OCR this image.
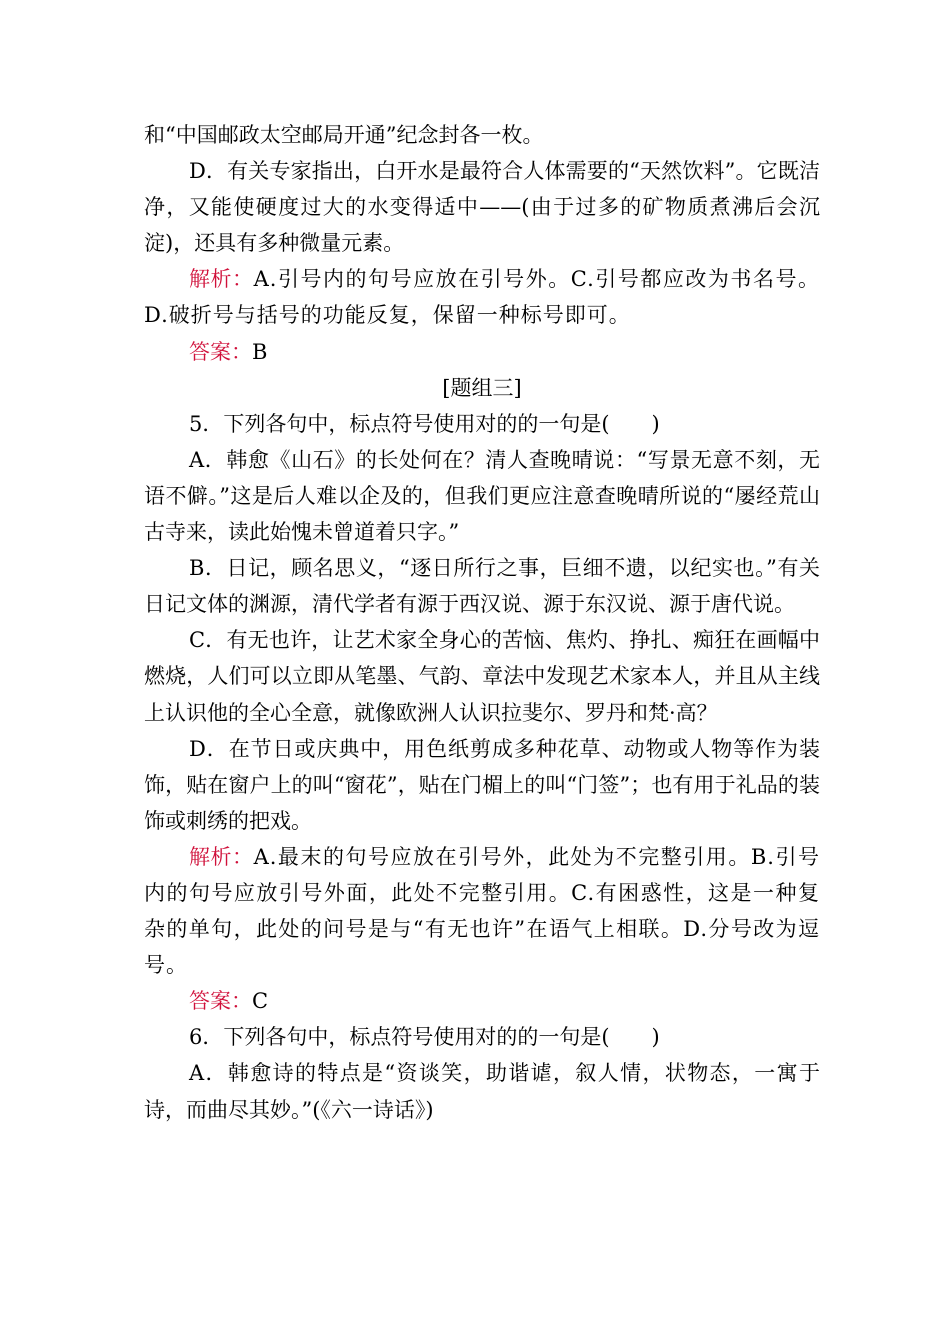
和“中国邮政太空邮局开通”纪念封各一枚。

D．有关专家指出，白开水是最符合人体需要的“天然饮料”。它既洁净，又能使硬度过大的水变得适中——(由于过多的矿物质煮沸后会沉淀)，还具有多种微量元素。

解析：A.引号内的句号应放在引号外。C.引号都应改为书名号。D.破折号与括号的功能反复，保留一种标号即可。

答案：B

[题组三]

5．下列各句中，标点符号使用对的的一句是(　　)

A．韩愈《山石》的长处何在？清人查晚晴说：“写景无意不刻，无语不僻。”这是后人难以企及的，但我们更应注意查晚晴所说的“屡经荒山古寺来，读此始愧未曾道着只字。”

B．日记，顾名思义，“逐日所行之事，巨细不遗，以纪实也。”有关日记文体的渊源，清代学者有源于西汉说、源于东汉说、源于唐代说。

C．有无也许，让艺术家全身心的苦恼、焦灼、挣扎、痴狂在画幅中燃烧，人们可以立即从笔墨、气韵、章法中发现艺术家本人，并且从主线上认识他的全心全意，就像欧洲人认识拉斐尔、罗丹和梵·高？

D．在节日或庆典中，用色纸剪成多种花草、动物或人物等作为装饰，贴在窗户上的叫“窗花”，贴在门楣上的叫“门签”；也有用于礼品的装饰或刺绣的把戏。

解析：A.最末的句号应放在引号外，此处为不完整引用。B.引号内的句号应放引号外面，此处不完整引用。C.有困惑性，这是一种复杂的单句，此处的问号是与“有无也许”在语气上相联。D.分号改为逗号。

答案：C

6．下列各句中，标点符号使用对的的一句是(　　)

A．韩愈诗的特点是“资谈笑，助谐谑，叙人情，状物态，一寓于诗，而曲尽其妙。”(《六一诗话》)
